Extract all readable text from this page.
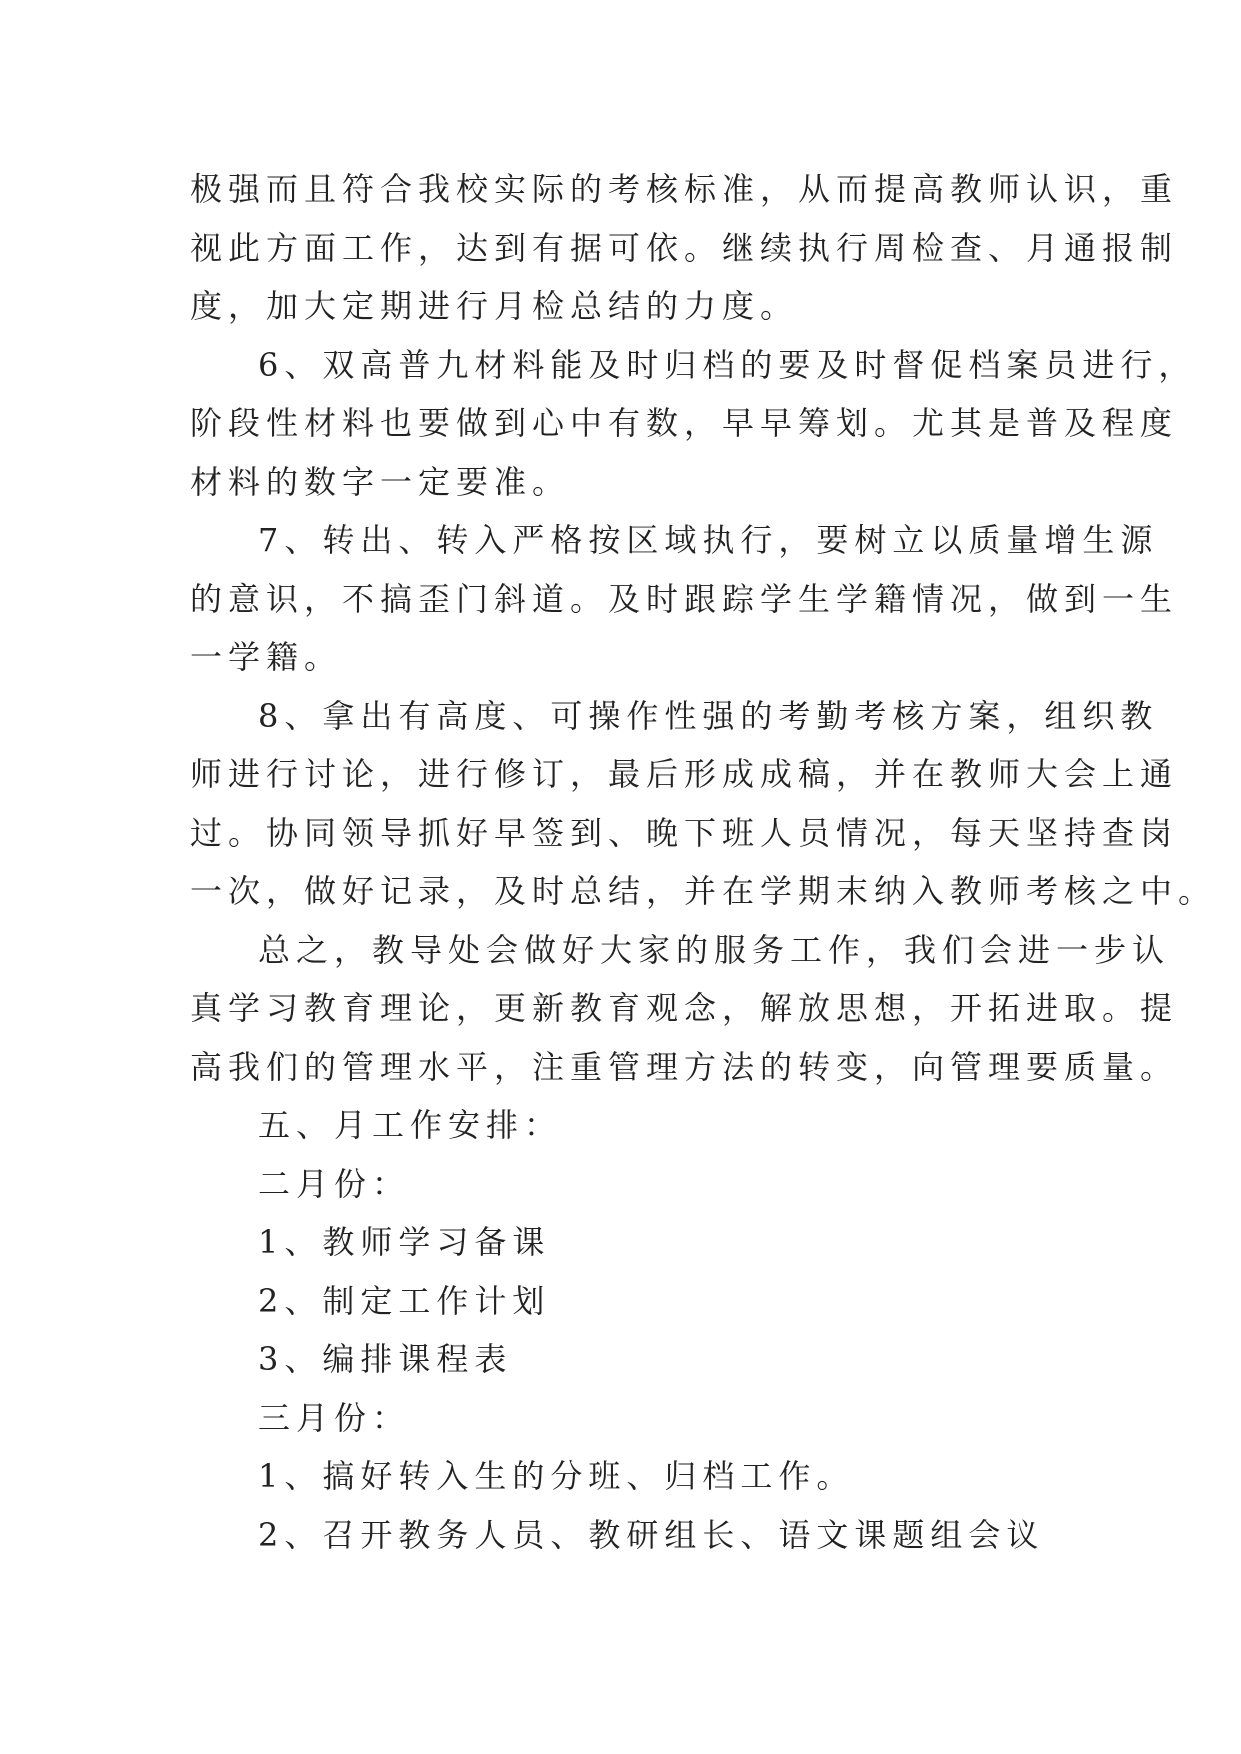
极强而且符合我校实际的考核标准，从而提高教师认识，重
视此方面工作，达到有据可依。继续执行周检查、月通报制
度，加大定期进行月检总结的力度。
6、双高普九材料能及时归档的要及时督促档案员进行，
阶段性材料也要做到心中有数，早早筹划。尤其是普及程度
材料的数字一定要准。
7、转出、转入严格按区域执行，要树立以质量增生源
的意识，不搞歪门斜道。及时跟踪学生学籍情况，做到一生
一学籍。
8、拿出有高度、可操作性强的考勤考核方案，组织教
师进行讨论，进行修订，最后形成成稿，并在教师大会上通
过。协同领导抓好早签到、晚下班人员情况，每天坚持查岗
一次，做好记录，及时总结，并在学期末纳入教师考核之中。
总之，教导处会做好大家的服务工作，我们会进一步认
真学习教育理论，更新教育观念，解放思想，开拓进取。提
高我们的管理水平，注重管理方法的转变，向管理要质量。
五、月工作安排：
二月份：
1、教师学习备课
2、制定工作计划
3、编排课程表
三月份：
1、搞好转入生的分班、归档工作。
2、召开教务人员、教研组长、语文课题组会议
